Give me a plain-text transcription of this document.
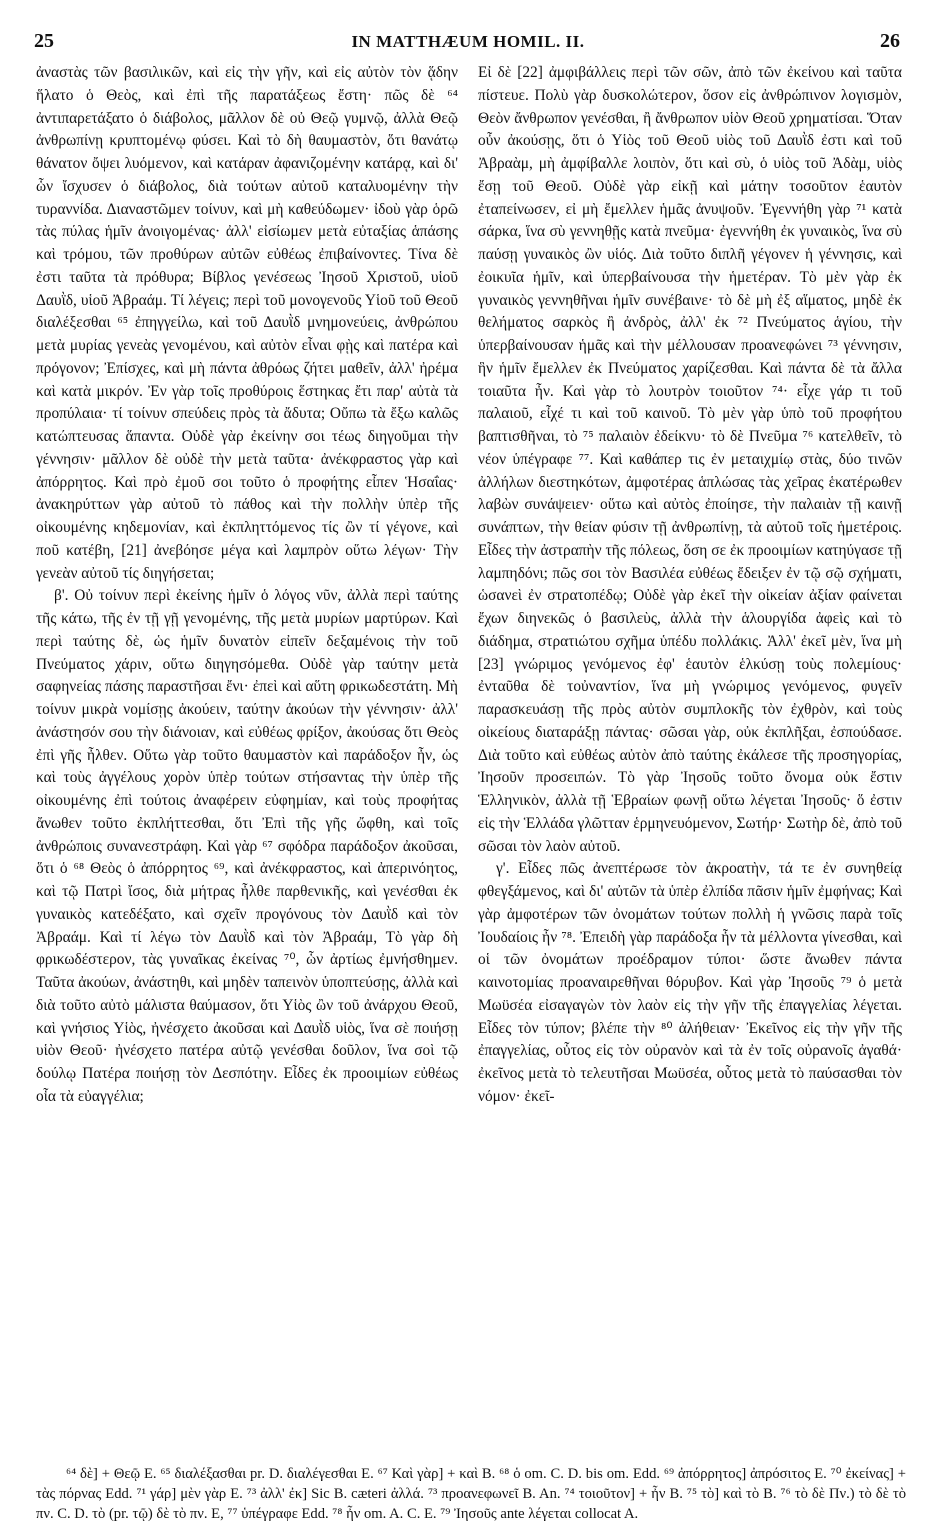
25	IN MATTHÆUM HOMIL. II.	26

ἀναστὰς τῶν βασιλικῶν, καὶ εἰς τὴν γῆν, καὶ εἰς αὐτὸν τὸν ᾅδην ἥλατο ὁ Θεὸς, καὶ ἐπὶ τῆς παρατάξεως ἔστη· πῶς δὲ ⁶⁴ ἀντιπαρετάξατο ὁ διάβολος, μᾶλλον δὲ οὐ Θεῷ γυμνῷ, ἀλλὰ Θεῷ ἀνθρωπίνῃ κρυπτομένῳ φύσει. Καὶ τὸ δὴ θαυμαστὸν, ὅτι θανάτῳ θάνατον ὄψει λυόμενον, καὶ κατάραν ἀφανιζομένην κατάρᾳ, καὶ δι' ὧν ἴσχυσεν ὁ διάβολος, διὰ τούτων αὐτοῦ καταλυομένην τὴν τυραννίδα. Διαναστῶμεν τοίνυν, καὶ μὴ καθεύδωμεν· ἰδοὺ γὰρ ὁρῶ τὰς πύλας ἡμῖν ἀνοιγομένας· ἀλλ' εἰσίωμεν μετὰ εὐταξίας ἁπάσης καὶ τρόμου, τῶν προθύρων αὐτῶν εὐθέως ἐπιβαίνοντες. Τίνα δὲ ἐστι ταῦτα τὰ πρόθυρα; Βίβλος γενέσεως Ἰησοῦ Χριστοῦ, υἱοῦ Δαυῒδ, υἱοῦ Ἀβραάμ. Τί λέγεις; περὶ τοῦ μονογενοῦς Υἱοῦ τοῦ Θεοῦ διαλέξεσθαι ⁶⁵ ἐπηγγείλω, καὶ τοῦ Δαυῒδ μνημονεύεις, ἀνθρώπου μετὰ μυρίας γενεὰς γενομένου, καὶ αὐτὸν εἶναι φῂς καὶ πατέρα καὶ πρόγονον; Ἐπίσχες, καὶ μὴ πάντα ἀθρόως ζήτει μαθεῖν, ἀλλ' ἠρέμα καὶ κατὰ μικρόν. Ἐν γὰρ τοῖς προθύροις ἕστηκας ἔτι παρ' αὐτὰ τὰ προπύλαια· τί τοίνυν σπεύδεις πρὸς τὰ ἄδυτα; Οὔπω τὰ ἔξω καλῶς κατώπτευσας ἅπαντα. Οὐδὲ γὰρ ἐκείνην σοι τέως διηγοῦμαι τὴν γέννησιν· μᾶλλον δὲ οὐδὲ τὴν μετὰ ταῦτα· ἀνέκφραστος γὰρ καὶ ἀπόρρητος. Καὶ πρὸ ἐμοῦ σοι τοῦτο ὁ προφήτης εἶπεν Ἡσαΐας· ἀνακηρύττων γὰρ αὐτοῦ τὸ πάθος καὶ τὴν πολλὴν ὑπὲρ τῆς οἰκουμένης κηδεμονίαν, καὶ ἐκπληττόμενος τίς ὢν τί γέγονε, καὶ ποῦ κατέβη, [21] ἀνεβόησε μέγα καὶ λαμπρὸν οὕτω λέγων· Τὴν γενεὰν αὐτοῦ τίς διηγήσεται;

β'. Οὐ τοίνυν περὶ ἐκείνης ἡμῖν ὁ λόγος νῦν, ἀλλὰ περὶ ταύτης τῆς κάτω, τῆς ἐν τῇ γῇ γενομένης, τῆς μετὰ μυρίων μαρτύρων. Καὶ περὶ ταύτης δὲ, ὡς ἡμῖν δυνατὸν εἰπεῖν δεξαμένοις τὴν τοῦ Πνεύματος χάριν, οὕτω διηγησόμεθα. Οὐδὲ γὰρ ταύτην μετὰ σαφηνείας πάσης παραστῆσαι ἔνι· ἐπεὶ καὶ αὕτη φρικωδεστάτη. Μὴ τοίνυν μικρὰ νομίσῃς ἀκούειν, ταύτην ἀκούων τὴν γέννησιν· ἀλλ' ἀνάστησόν σου τὴν διάνοιαν, καὶ εὐθέως φρίξον, ἀκούσας ὅτι Θεὸς ἐπὶ γῆς ἦλθεν. Οὕτω γὰρ τοῦτο θαυμαστὸν καὶ παράδοξον ἦν, ὡς καὶ τοὺς ἀγγέλους χορὸν ὑπὲρ τούτων στήσαντας τὴν ὑπὲρ τῆς οἰκουμένης ἐπὶ τούτοις ἀναφέρειν εὐφημίαν, καὶ τοὺς προφήτας ἄνωθεν τοῦτο ἐκπλήττεσθαι, ὅτι Ἐπὶ τῆς γῆς ὤφθη, καὶ τοῖς ἀνθρώποις συνανεστράφη. Καὶ γὰρ ⁶⁷ σφόδρα παράδοξον ἀκοῦσαι, ὅτι ὁ ⁶⁸ Θεὸς ὁ ἀπόρρητος ⁶⁹, καὶ ἀνέκφραστος, καὶ ἀπερινόητος, καὶ τῷ Πατρὶ ἴσος, διὰ μήτρας ἦλθε παρθενικῆς, καὶ γενέσθαι ἐκ γυναικὸς κατεδέξατο, καὶ σχεῖν προγόνους τὸν Δαυῒδ καὶ τὸν Ἀβραάμ. Καὶ τί λέγω τὸν Δαυῒδ καὶ τὸν Ἀβραάμ, Τὸ γὰρ δὴ φρικωδέστερον, τὰς γυναῖκας ἐκείνας ⁷⁰, ὧν ἀρτίως ἐμνήσθημεν. Ταῦτα ἀκούων, ἀνάστηθι, καὶ μηδὲν ταπεινὸν ὑποπτεύσῃς, ἀλλὰ καὶ διὰ τοῦτο αὐτὸ μάλιστα θαύμασον, ὅτι Υἱὸς ὢν τοῦ ἀνάρχου Θεοῦ, καὶ γνήσιος Υἱὸς, ἠνέσχετο ἀκοῦσαι καὶ Δαυῒδ υἱὸς, ἵνα σὲ ποιήσῃ υἱὸν Θεοῦ· ἠνέσχετο πατέρα αὐτῷ γενέσθαι δοῦλον, ἵνα σοὶ τῷ δούλῳ Πατέρα ποιήσῃ τὸν Δεσπότην. Εἶδες ἐκ προοιμίων εὐθέως οἷα τὰ εὐαγγέλια;

Εἰ δὲ [22] ἀμφιβάλλεις περὶ τῶν σῶν, ἀπὸ τῶν ἐκείνου καὶ ταῦτα πίστευε. Πολὺ γὰρ δυσκολώτερον, ὅσον εἰς ἀνθρώπινον λογισμὸν, Θεὸν ἄνθρωπον γενέσθαι, ἢ ἄνθρωπον υἱὸν Θεοῦ χρηματίσαι. Ὅταν οὖν ἀκούσῃς, ὅτι ὁ Υἱὸς τοῦ Θεοῦ υἱὸς τοῦ Δαυῒδ ἐστι καὶ τοῦ Ἀβραὰμ, μὴ ἀμφίβαλλε λοιπὸν, ὅτι καὶ σὺ, ὁ υἱὸς τοῦ Ἀδὰμ, υἱὸς ἔσῃ τοῦ Θεοῦ. Οὐδὲ γὰρ εἰκῇ καὶ μάτην τοσοῦτον ἑαυτὸν ἐταπείνωσεν, εἰ μὴ ἔμελλεν ἡμᾶς ἀνυψοῦν. Ἐγεννήθη γὰρ ⁷¹ κατὰ σάρκα, ἵνα σὺ γεννηθῇς κατὰ πνεῦμα· ἐγεννήθη ἐκ γυναικὸς, ἵνα σὺ παύσῃ γυναικὸς ὢν υἱός. Διὰ τοῦτο διπλῆ γέγονεν ἡ γέννησις, καὶ ἐοικυῖα ἡμῖν, καὶ ὑπερβαίνουσα τὴν ἡμετέραν. Τὸ μὲν γὰρ ἐκ γυναικὸς γεννηθῆναι ἡμῖν συνέβαινε· τὸ δὲ μὴ ἐξ αἵματος, μηδὲ ἐκ θελήματος σαρκὸς ἢ ἀνδρὸς, ἀλλ' ἐκ ⁷² Πνεύματος ἁγίου, τὴν ὑπερβαίνουσαν ἡμᾶς καὶ τὴν μέλλουσαν προανεφώνει ⁷³ γέννησιν, ἣν ἡμῖν ἔμελλεν ἐκ Πνεύματος χαρίζεσθαι. Καὶ πάντα δὲ τὰ ἄλλα τοιαῦτα ἦν. Καὶ γὰρ τὸ λουτρὸν τοιοῦτον ⁷⁴· εἶχε γάρ τι τοῦ παλαιοῦ, εἶχέ τι καὶ τοῦ καινοῦ. Τὸ μὲν γὰρ ὑπὸ τοῦ προφήτου βαπτισθῆναι, τὸ ⁷⁵ παλαιὸν ἐδείκνυ· τὸ δὲ Πνεῦμα ⁷⁶ κατελθεῖν, τὸ νέον ὑπέγραφε ⁷⁷. Καὶ καθάπερ τις ἐν μεταιχμίῳ στὰς, δύο τινῶν ἀλλήλων διεστηκότων, ἀμφοτέρας ἁπλώσας τὰς χεῖρας ἑκατέρωθεν λαβὼν συνάψειεν· οὕτω καὶ αὐτὸς ἐποίησε, τὴν παλαιὰν τῇ καινῇ συνάπτων, τὴν θείαν φύσιν τῇ ἀνθρωπίνῃ, τὰ αὐτοῦ τοῖς ἡμετέροις. Εἶδες τὴν ἀστραπὴν τῆς πόλεως, ὅση σε ἐκ προοιμίων κατηύγασε τῇ λαμπηδόνι; πῶς σοι τὸν Βασιλέα εὐθέως ἔδειξεν ἐν τῷ σῷ σχήματι, ὡσανεὶ ἐν στρατοπέδῳ; Οὐδὲ γὰρ ἐκεῖ τὴν οἰκείαν ἀξίαν φαίνεται ἔχων διηνεκῶς ὁ βασιλεὺς, ἀλλὰ τὴν ἁλουργίδα ἀφεὶς καὶ τὸ διάδημα, στρατιώτου σχῆμα ὑπέδυ πολλάκις. Ἀλλ' ἐκεῖ μὲν, ἵνα μὴ [23] γνώριμος γενόμενος ἐφ' ἑαυτὸν ἑλκύσῃ τοὺς πολεμίους· ἐνταῦθα δὲ τοὐναντίον, ἵνα μὴ γνώριμος γενόμενος, φυγεῖν παρασκευάσῃ τῆς πρὸς αὐτὸν συμπλοκῆς τὸν ἐχθρὸν, καὶ τοὺς οἰκείους διαταράξῃ πάντας· σῶσαι γὰρ, οὐκ ἐκπλῆξαι, ἐσπούδασε. Διὰ τοῦτο καὶ εὐθέως αὐτὸν ἀπὸ ταύτης ἐκάλεσε τῆς προσηγορίας, Ἰησοῦν προσειπών. Τὸ γὰρ Ἰησοῦς τοῦτο ὄνομα οὐκ ἔστιν Ἑλληνικὸν, ἀλλὰ τῇ Ἑβραίων φωνῇ οὕτω λέγεται Ἰησοῦς· ὅ ἐστιν εἰς τὴν Ἑλλάδα γλῶτταν ἑρμηνευόμενον, Σωτήρ· Σωτὴρ δὲ, ἀπὸ τοῦ σῶσαι τὸν λαὸν αὐτοῦ.

γ'. Εἶδες πῶς ἀνεπτέρωσε τὸν ἀκροατὴν, τά τε ἐν συνηθείᾳ φθεγξάμενος, καὶ δι' αὐτῶν τὰ ὑπὲρ ἐλπίδα πᾶσιν ἡμῖν ἐμφήνας; Καὶ γὰρ ἀμφοτέρων τῶν ὀνομάτων τούτων πολλὴ ἡ γνῶσις παρὰ τοῖς Ἰουδαίοις ἦν ⁷⁸. Ἐπειδὴ γὰρ παράδοξα ἦν τὰ μέλλοντα γίνεσθαι, καὶ οἱ τῶν ὀνομάτων προέδραμον τύποι· ὥστε ἄνωθεν πάντα καινοτομίας προαναιρεθῆναι θόρυβον. Καὶ γὰρ Ἰησοῦς ⁷⁹ ὁ μετὰ Μωϋσέα εἰσαγαγὼν τὸν λαὸν εἰς τὴν γῆν τῆς ἐπαγγελίας λέγεται. Εἶδες τὸν τύπον; βλέπε τὴν ⁸⁰ ἀλήθειαν· Ἐκεῖνος εἰς τὴν γῆν τῆς ἐπαγγελίας, οὗτος εἰς τὸν οὐρανὸν καὶ τὰ ἐν τοῖς οὐρανοῖς ἀγαθά· ἐκεῖνος μετὰ τὸ τελευτῆσαι Μωϋσέα, οὗτος μετὰ τὸ παύσασθαι τὸν νόμον· ἐκεῖ-

⁶⁴ δὲ] + Θεῷ E. ⁶⁵ διαλέξασθαι pr. D. διαλέγεσθαι E. ⁶⁷ Καὶ γὰρ] + καὶ B. ⁶⁸ ὁ om. C. D. bis om. Edd. ⁶⁹ ἀπόρρητος] ἀπρόσιτος E. ⁷⁰ ἐκείνας] + τὰς πόρνας Edd. ⁷¹ γάρ] μὲν γὰρ E. ⁷³ ἀλλ' ἐκ] Sic B. cæteri ἀλλά. ⁷³ προανεφωνεῖ B. An. ⁷⁴ τοιοῦτον] + ἦν B. ⁷⁵ τὸ] καὶ τὸ B. ⁷⁶ τὸ δὲ Πν.) τὸ δὲ τὸ πν. C. D. τὸ (pr. τῷ) δὲ τὸ πν. E, ⁷⁷ ὑπέγραφε Edd. ⁷⁸ ἦν om. A. C. E. ⁷⁹ Ἰησοῦς ante λέγεται collocat A.
